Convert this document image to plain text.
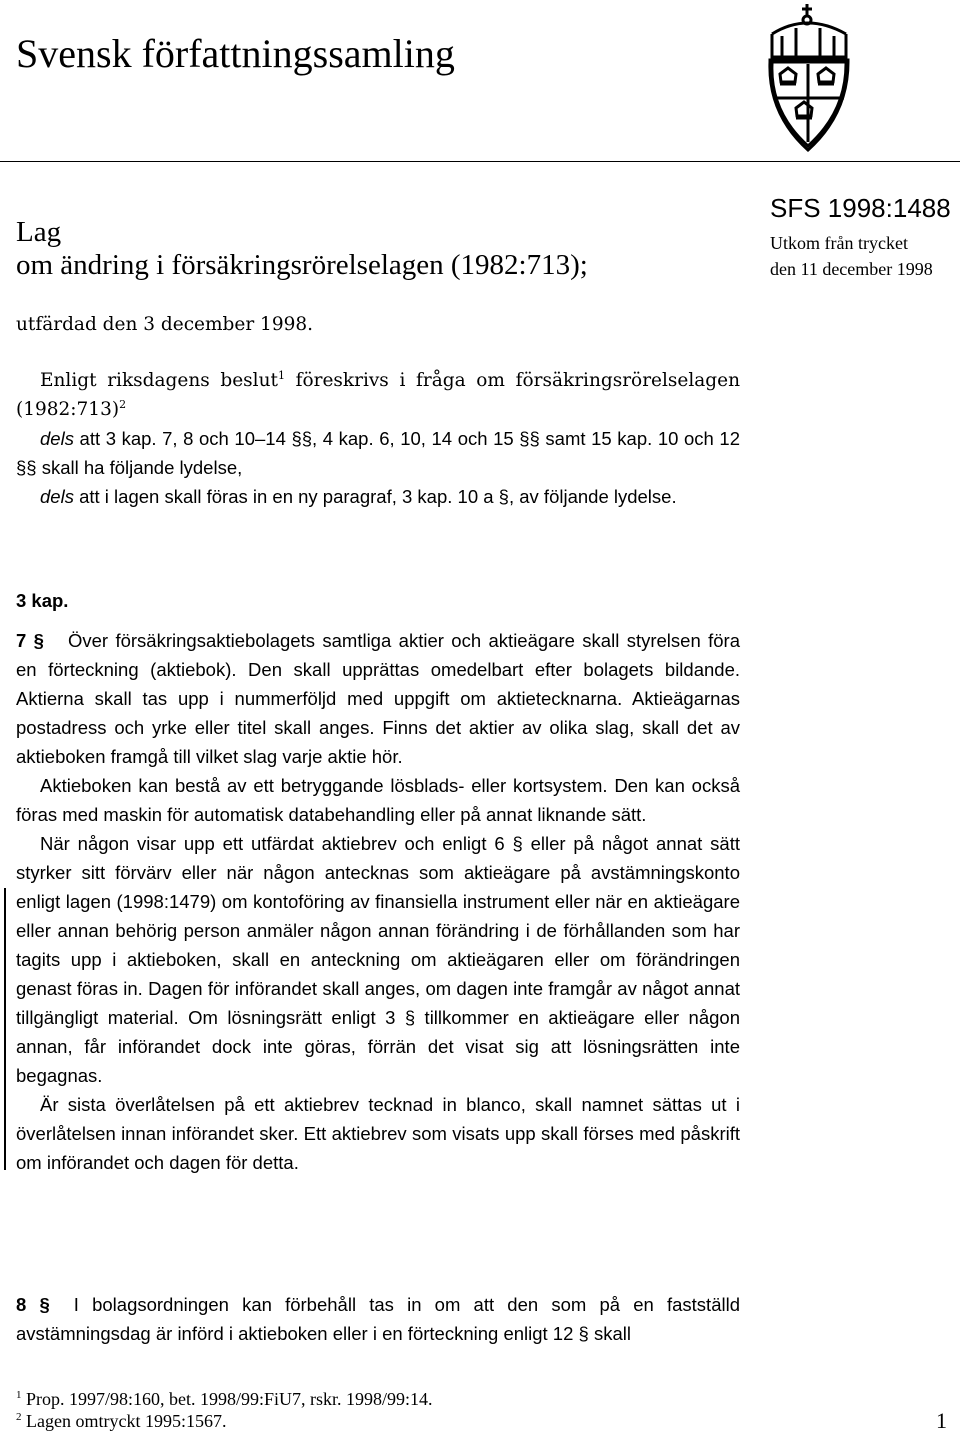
Svensk författningssamling
Lag
om ändring i försäkringsrörelselagen (1982:713);
SFS 1998:1488
Utkom från trycket
den 11 december 1998

utfärdad den 3 december 1998.

Enligt riksdagens beslut$^1$ föreskrivs i fråga om försäkringsrörelselagen (1982:713)$^2$

dels att 3 kap. 7, 8 och 10–14 §§, 4 kap. 6, 10, 14 och 15 §§ samt 15 kap. 10 och 12 §§ skall ha följande lydelse,

dels att i lagen skall föras in en ny paragraf, 3 kap. 10 a §, av följande lydelse.

3 kap.

7 § Över försäkringsaktiebolagets samtliga aktier och aktieägare skall styrelsen föra en förteckning (aktiebok). Den skall upprättas omedelbart efter bolagets bildande. Aktierna skall tas upp i nummerföljd med uppgift om aktietecknarna. Aktieägarnas postadress och yrke eller titel skall anges. Finns det aktier av olika slag, skall det av aktieboken framgå till vilket slag varje aktie hör.

Aktieboken kan bestå av ett betryggande lösblads- eller kortsystem. Den kan också föras med maskin för automatisk databehandling eller på annat liknande sätt.

När någon visar upp ett utfärdat aktiebrev och enligt 6 § eller på något annat sätt styrker sitt förvärv eller när någon antecknas som aktieägare på avstämningskonto enligt lagen (1998:1479) om kontoföring av finansiella instrument eller när en aktieägare eller annan behörig person anmäler någon annan förändring i de förhållanden som har tagits upp i aktieboken, skall en anteckning om aktieägaren eller om förändringen genast föras in. Dagen för införandet skall anges, om dagen inte framgår av något annat tillgängligt material. Om lösningsrätt enligt 3 § tillkommer en aktieägare eller någon annan, får införandet dock inte göras, förrän det visat sig att lösningsrätten inte begagnas.

Är sista överlåtelsen på ett aktiebrev tecknad in blanco, skall namnet sättas ut i överlåtelsen innan införandet sker. Ett aktiebrev som visats upp skall förses med påskrift om införandet och dagen för detta.

8 § I bolagsordningen kan förbehåll tas in om att den som på en fastställd avstämningsdag är införd i aktieboken eller i en förteckning enligt 12 § skall

$^1$ Prop. 1997/98:160, bet. 1998/99:FiU7, rskr. 1998/99:14.
$^2$ Lagen omtryckt 1995:1567.	1
